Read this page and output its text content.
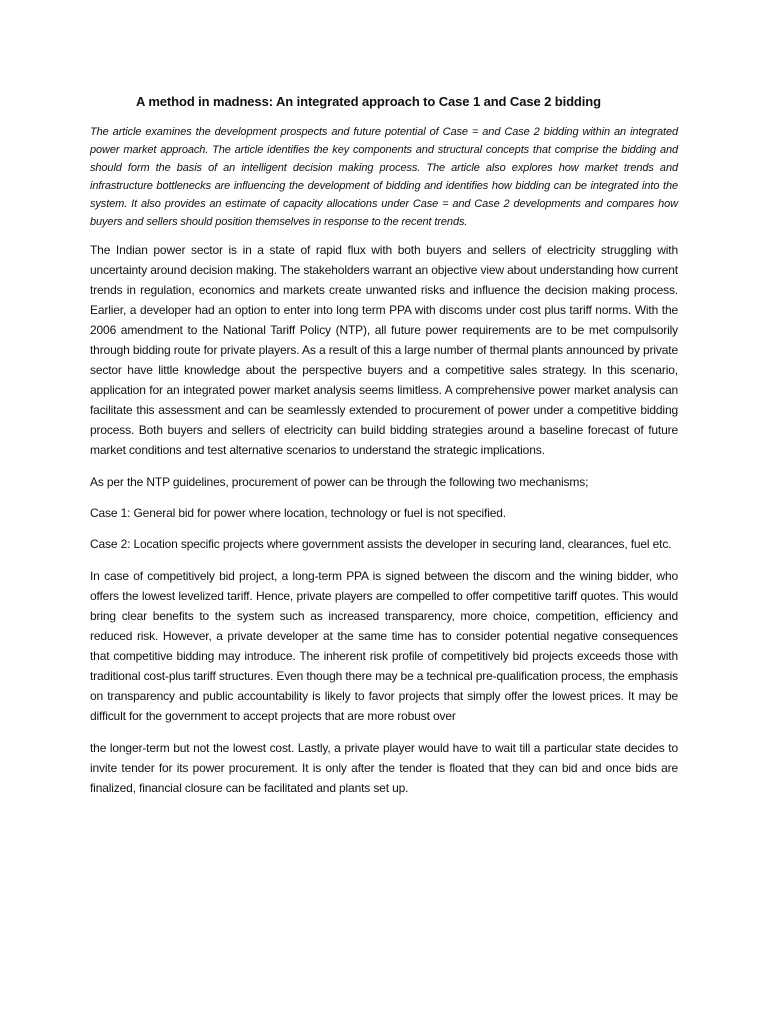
A method in madness: An integrated approach to Case 1 and Case 2 bidding

The article examines the development prospects and future potential of Case = and Case 2 bidding within an integrated power market approach. The article identifies the key components and structural concepts that comprise the bidding and should form the basis of an intelligent decision making process. The article also explores how market trends and infrastructure bottlenecks are influencing the development of bidding and identifies how bidding can be integrated into the system. It also provides an estimate of capacity allocations under Case = and Case 2 developments and compares how buyers and sellers should position themselves in response to the recent trends.

The Indian power sector is in a state of rapid flux with both buyers and sellers of electricity struggling with uncertainty around decision making. The stakeholders warrant an objective view about understanding how current trends in regulation, economics and markets create unwanted risks and influence the decision making process. Earlier, a developer had an option to enter into long term PPA with discoms under cost plus tariff norms. With the 2006 amendment to the National Tariff Policy (NTP), all future power requirements are to be met compulsorily through bidding route for private players. As a result of this a large number of thermal plants announced by private sector have little knowledge about the perspective buyers and a competitive sales strategy. In this scenario, application for an integrated power market analysis seems limitless. A comprehensive power market analysis can facilitate this assessment and can be seamlessly extended to procurement of power under a competitive bidding process. Both buyers and sellers of electricity can build bidding strategies around a baseline forecast of future market conditions and test alternative scenarios to understand the strategic implications.

As per the NTP guidelines, procurement of power can be through the following two mechanisms;

Case 1: General bid for power where location, technology or fuel is not specified.

Case 2: Location specific projects where government assists the developer in securing land, clearances, fuel etc.

In case of competitively bid project, a long-term PPA is signed between the discom and the wining bidder, who offers the lowest levelized tariff. Hence, private players are compelled to offer competitive tariff quotes. This would bring clear benefits to the system such as increased transparency, more choice, competition, efficiency and reduced risk. However, a private developer at the same time has to consider potential negative consequences that competitive bidding may introduce. The inherent risk profile of competitively bid projects exceeds those with traditional cost-plus tariff structures. Even though there may be a technical pre-qualification process, the emphasis on transparency and public accountability is likely to favor projects that simply offer the lowest prices. It may be difficult for the government to accept projects that are more robust over

the longer-term but not the lowest cost. Lastly, a private player would have to wait till a particular state decides to invite tender for its power procurement. It is only after the tender is floated that they can bid and once bids are finalized, financial closure can be facilitated and plants set up.
